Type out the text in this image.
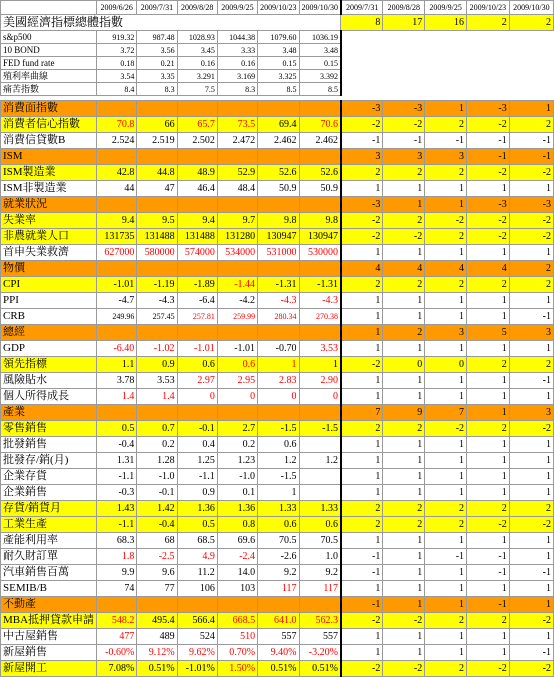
	2009/6/26	2009/7/31	2009/8/28	2009/9/25	2009/10/23	2009/10/30	2009/7/31	2009/8/28	2009/9/25	2009/10/23	2009/10/30
美國經濟指標總體指數							8	17	16	2	2
s&p500	919.32	987.48	1028.93	1044.38	1079.60	1036.19					
10 BOND	3.72	3.56	3.45	3.33	3.48	3.48					
FED fund rate	0.18	0.21	0.16	0.16	0.15	0.15					
殖利率曲線	3.54	3.35	3.291	3.169	3.325	3.392					
痛苦指數	8.4	8.3	7.5	8.3	8.5	8.5					

消費面指數							-3	-3	1	-3	1
消費者信心指數	70.8	66	65.7	73.5	69.4	70.6	-2	-2	2	-2	2
消費信貸數B	2.524	2.519	2.502	2.472	2.462	2.462	-1	-1	-1	-1	-1
ISM							3	3	3	-1	-1
ISM製造業	42.8	44.8	48.9	52.9	52.6	52.6	2	2	2	-2	-2
ISM非製造業	44	47	46.4	48.4	50.9	50.9	1	1	1	1	1
就業狀況							-3	1	1	-3	-3
失業率	9.4	9.5	9.4	9.7	9.8	9.8	-2	2	-2	-2	-2
非農就業人口	131735	131488	131488	131280	130947	130947	-2	-2	2	-2	-2
首申失業救濟	627000	580000	574000	534000	531000	530000	1	1	1	1	1
物價							4	4	4	4	2
CPI	-1.01	-1.19	-1.89	-1.44	-1.31	-1.31	2	2	2	2	2
PPI	-4.7	-4.3	-6.4	-4.2	-4.3	-4.3	1	1	1	1	1
CRB	249.96	257.45	257.81	259.99	280.34	270.38	1	1	1	1	-1
總經							1	2	3	5	3
GDP	-6.40	-1.02	-1.01	-1.01	-0.70	3.53	1	1	1	1	1
領先指標	1.1	0.9	0.6	0.6	1	1	-2	0	0	2	2
風險貼水	3.78	3.53	2.97	2.95	2.83	2.90	1	1	1	1	-1
個人所得成長	1.4	1.4	0	0	0	0	1	1	1	1	1
產業							7	9	7	1	3
零售銷售	0.5	0.7	-0.1	2.7	-1.5	-1.5	2	2	-2	2	-2
批發銷售	-0.4	0.2	0.4	0.2	0.6		1	1	1	1	1
批發存/銷(月)	1.31	1.28	1.25	1.23	1.2	1.2	1	1	1	1	1
企業存貨	-1.1	-1.0	-1.1	-1.0	-1.5		1	1	1	1	1
企業銷售	-0.3	-0.1	0.9	0.1	1		1	1	1	1	1
存貨/銷貨月	1.43	1.42	1.36	1.36	1.33	1.33	2	2	2	2	2
工業生產	-1.1	-0.4	0.5	0.8	0.6	0.6	2	2	2	-2	-2
產能利用率	68.3	68	68.5	69.6	70.5	70.5	1	1	1	1	1
耐久財訂單	1.8	-2.5	4.9	-2.4	-2.6	1.0	-1	1	-1	-1	1
汽車銷售百萬	9.9	9.6	11.2	14.0	9.2	9.2	-1	1	1	-1	-1
SEMIB/B	74	77	106	103	117	117	1	1	1	1	1
不動產							-1	1	1	-1	1
MBA抵押貸款申請	548.2	495.4	566.4	668.5	641.0	562.3	-2	-2	2	2	-2
中古屋銷售	477	489	524	510	557	557	1	1	1	1	1
新屋銷售	-0.60%	9.12%	9.62%	0.70%	9.40%	-3.20%	1	1	1	1	-1
新屋開工	7.08%	0.51%	-1.01%	1.50%	0.51%	0.51%	-2	-2	2	-2	-2
